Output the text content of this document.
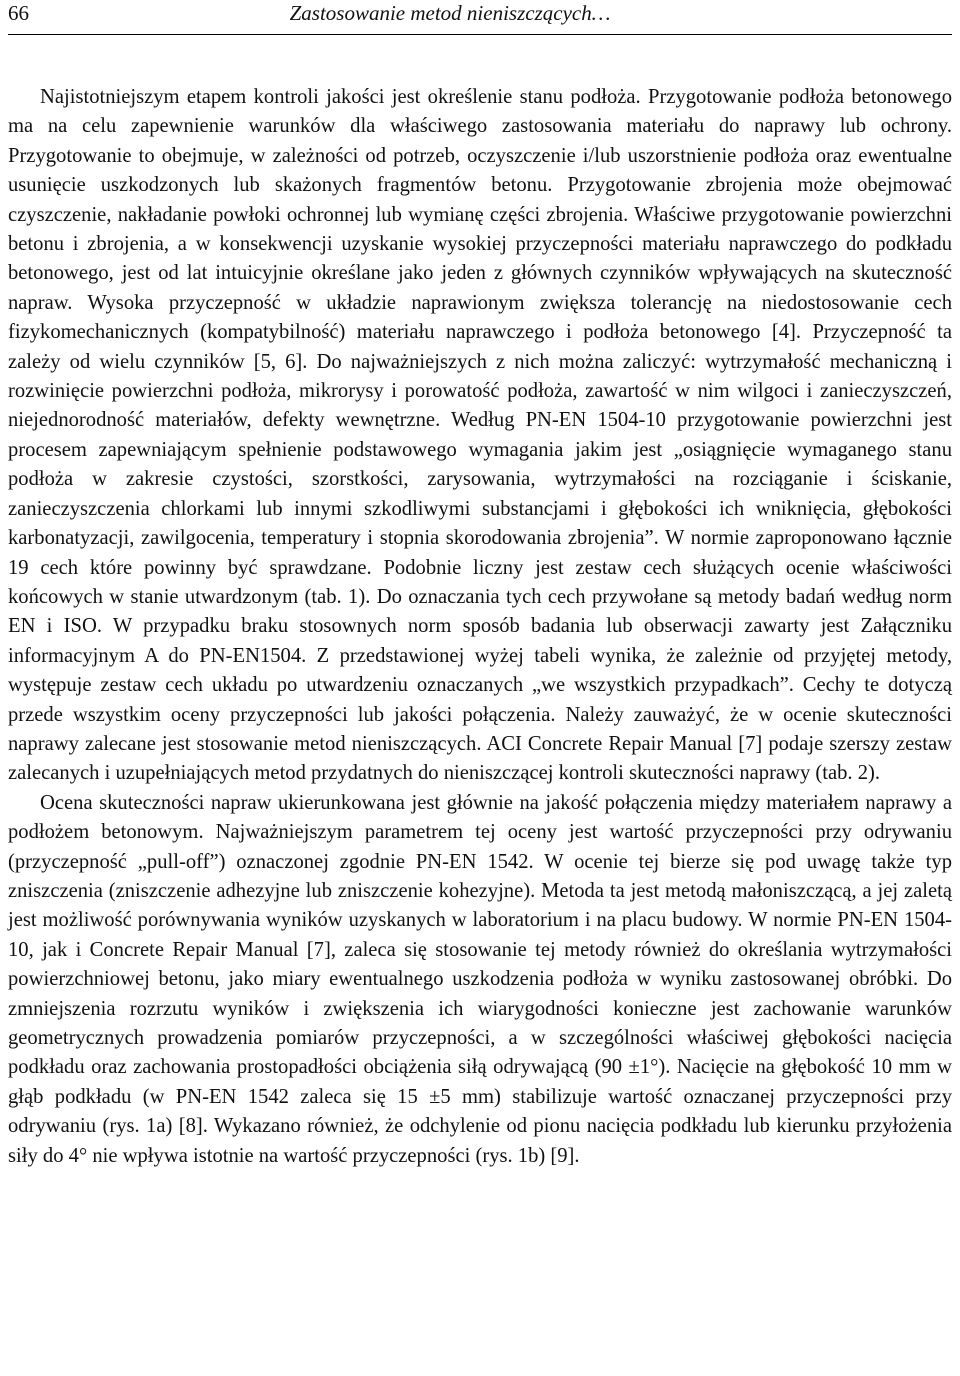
66	Zastosowanie metod nieniszczących…

Najistotniejszym etapem kontroli jakości jest określenie stanu podłoża. Przygotowanie podłoża betonowego ma na celu zapewnienie warunków dla właściwego zastosowania materiału do naprawy lub ochrony. Przygotowanie to obejmuje, w zależności od potrzeb, oczyszczenie i/lub uszorstnienie podłoża oraz ewentualne usunięcie uszkodzonych lub skażonych fragmentów betonu. Przygotowanie zbrojenia może obejmować czyszczenie, nakładanie powłoki ochronnej lub wymianę części zbrojenia. Właściwe przygotowanie powierzchni betonu i zbrojenia, a w konsekwencji uzyskanie wysokiej przyczepności materiału naprawczego do podkładu betonowego, jest od lat intuicyjnie określane jako jeden z głównych czynników wpływających na skuteczność napraw. Wysoka przyczepność w układzie naprawionym zwiększa tolerancję na niedostosowanie cech fizykomechanicznych (kompatybilność) materiału naprawczego i podłoża betonowego [4]. Przyczepność ta zależy od wielu czynników [5, 6]. Do najważniejszych z nich można zaliczyć: wytrzymałość mechaniczną i rozwinięcie powierzchni podłoża, mikrorysy i porowatość podłoża, zawartość w nim wilgoci i zanieczyszczeń, niejednorodność materiałów, defekty wewnętrzne. Według PN-EN 1504-10 przygotowanie powierzchni jest procesem zapewniającym spełnienie podstawowego wymagania jakim jest „osiągnięcie wymaganego stanu podłoża w zakresie czystości, szorstkości, zarysowania, wytrzymałości na rozciąganie i ściskanie, zanieczyszczenia chlorkami lub innymi szkodliwymi substancjami i głębokości ich wniknięcia, głębokości karbonatyzacji, zawilgocenia, temperatury i stopnia skorodowania zbrojenia”. W normie zaproponowano łącznie 19 cech które powinny być sprawdzane. Podobnie liczny jest zestaw cech służących ocenie właściwości końcowych w stanie utwardzonym (tab. 1). Do oznaczania tych cech przywołane są metody badań według norm EN i ISO. W przypadku braku stosownych norm sposób badania lub obserwacji zawarty jest Załączniku informacyjnym A do PN-EN1504. Z przedstawionej wyżej tabeli wynika, że zależnie od przyjętej metody, występuje zestaw cech układu po utwardzeniu oznaczanych „we wszystkich przypadkach”. Cechy te dotyczą przede wszystkim oceny przyczepności lub jakości połączenia. Należy zauważyć, że w ocenie skuteczności naprawy zalecane jest stosowanie metod nieniszczących. ACI Concrete Repair Manual [7] podaje szerszy zestaw zalecanych i uzupełniających metod przydatnych do nieniszczącej kontroli skuteczności naprawy (tab. 2).

Ocena skuteczności napraw ukierunkowana jest głównie na jakość połączenia między materiałem naprawy a podłożem betonowym. Najważniejszym parametrem tej oceny jest wartość przyczepności przy odrywaniu (przyczepność „pull-off”) oznaczonej zgodnie PN-EN 1542. W ocenie tej bierze się pod uwagę także typ zniszczenia (zniszczenie adhezyjne lub zniszczenie kohezyjne). Metoda ta jest metodą małoniszczącą, a jej zaletą jest możliwość porównywania wyników uzyskanych w laboratorium i na placu budowy. W normie PN-EN 1504-10, jak i Concrete Repair Manual [7], zaleca się stosowanie tej metody również do określania wytrzymałości powierzchniowej betonu, jako miary ewentualnego uszkodzenia podłoża w wyniku zastosowanej obróbki. Do zmniejszenia rozrzutu wyników i zwiększenia ich wiarygodności konieczne jest zachowanie warunków geometrycznych prowadzenia pomiarów przyczepności, a w szczególności właściwej głębokości nacięcia podkładu oraz zachowania prostopadłości obciążenia siłą odrywającą (90 ±1°). Nacięcie na głębokość 10 mm w głąb podkładu (w PN-EN 1542 zaleca się 15 ±5 mm) stabilizuje wartość oznaczanej przyczepności przy odrywaniu (rys. 1a) [8]. Wykazano również, że odchylenie od pionu nacięcia podkładu lub kierunku przyłożenia siły do 4° nie wpływa istotnie na wartość przyczepności (rys. 1b) [9].
